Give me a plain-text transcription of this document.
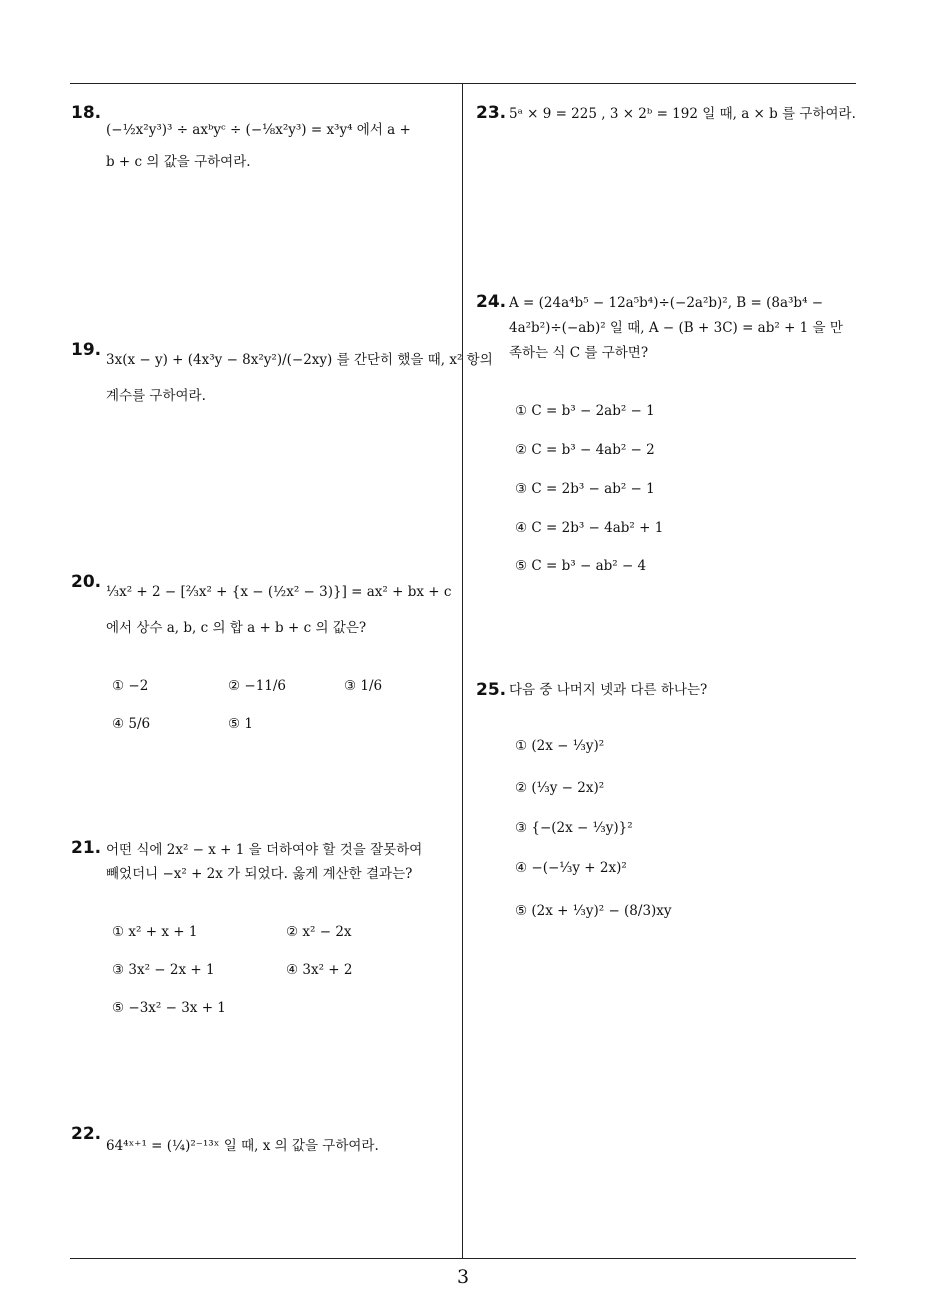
18.
(−½x²y³)³ ÷ axᵇyᶜ ÷ (−⅛x²y³) = x³y⁴ 에서 a +
b + c 의 값을 구하여라.
19. 3x(x − y) + (4x³y − 8x²y²)/(−2xy) 를 간단히 했을 때, x² 항의
계수를 구하여라.
20. ⅓x² + 2 − [⅔x² + {x − (½x² − 3)}] = ax² + bx + c
에서 상수 a, b, c 의 합 a + b + c 의 값은?
① −2	② −11/6	③ 1/6
④ 5/6	⑤ 1
21. 어떤 식에 2x² − x + 1 을 더하여야 할 것을 잘못하여
빼었더니 −x² + 2x 가 되었다. 옳게 계산한 결과는?
① x² + x + 1	② x² − 2x
③ 3x² − 2x + 1	④ 3x² + 2
⑤ −3x² − 3x + 1
22.
64⁴ˣ⁺¹ = (¼)²⁻¹³ˣ 일 때, x 의 값을 구하여라.
23. 5ᵃ × 9 = 225 , 3 × 2ᵇ = 192 일 때, a × b 를 구하여라.
24. A = (24a⁴b⁵ − 12a⁵b⁴)÷(−2a²b)², B = (8a³b⁴ −
4a²b²)÷(−ab)² 일 때, A − (B + 3C) = ab² + 1 을 만
족하는 식 C 를 구하면?
① C = b³ − 2ab² − 1
② C = b³ − 4ab² − 2
③ C = 2b³ − ab² − 1
④ C = 2b³ − 4ab² + 1
⑤ C = b³ − ab² − 4
25. 다음 중 나머지 넷과 다른 하나는?
① (2x − ⅓y)²
② (⅓y − 2x)²
③ {−(2x − ⅓y)}²
④ −(−⅓y + 2x)²
⑤ (2x + ⅓y)² − (8/3)xy
3
